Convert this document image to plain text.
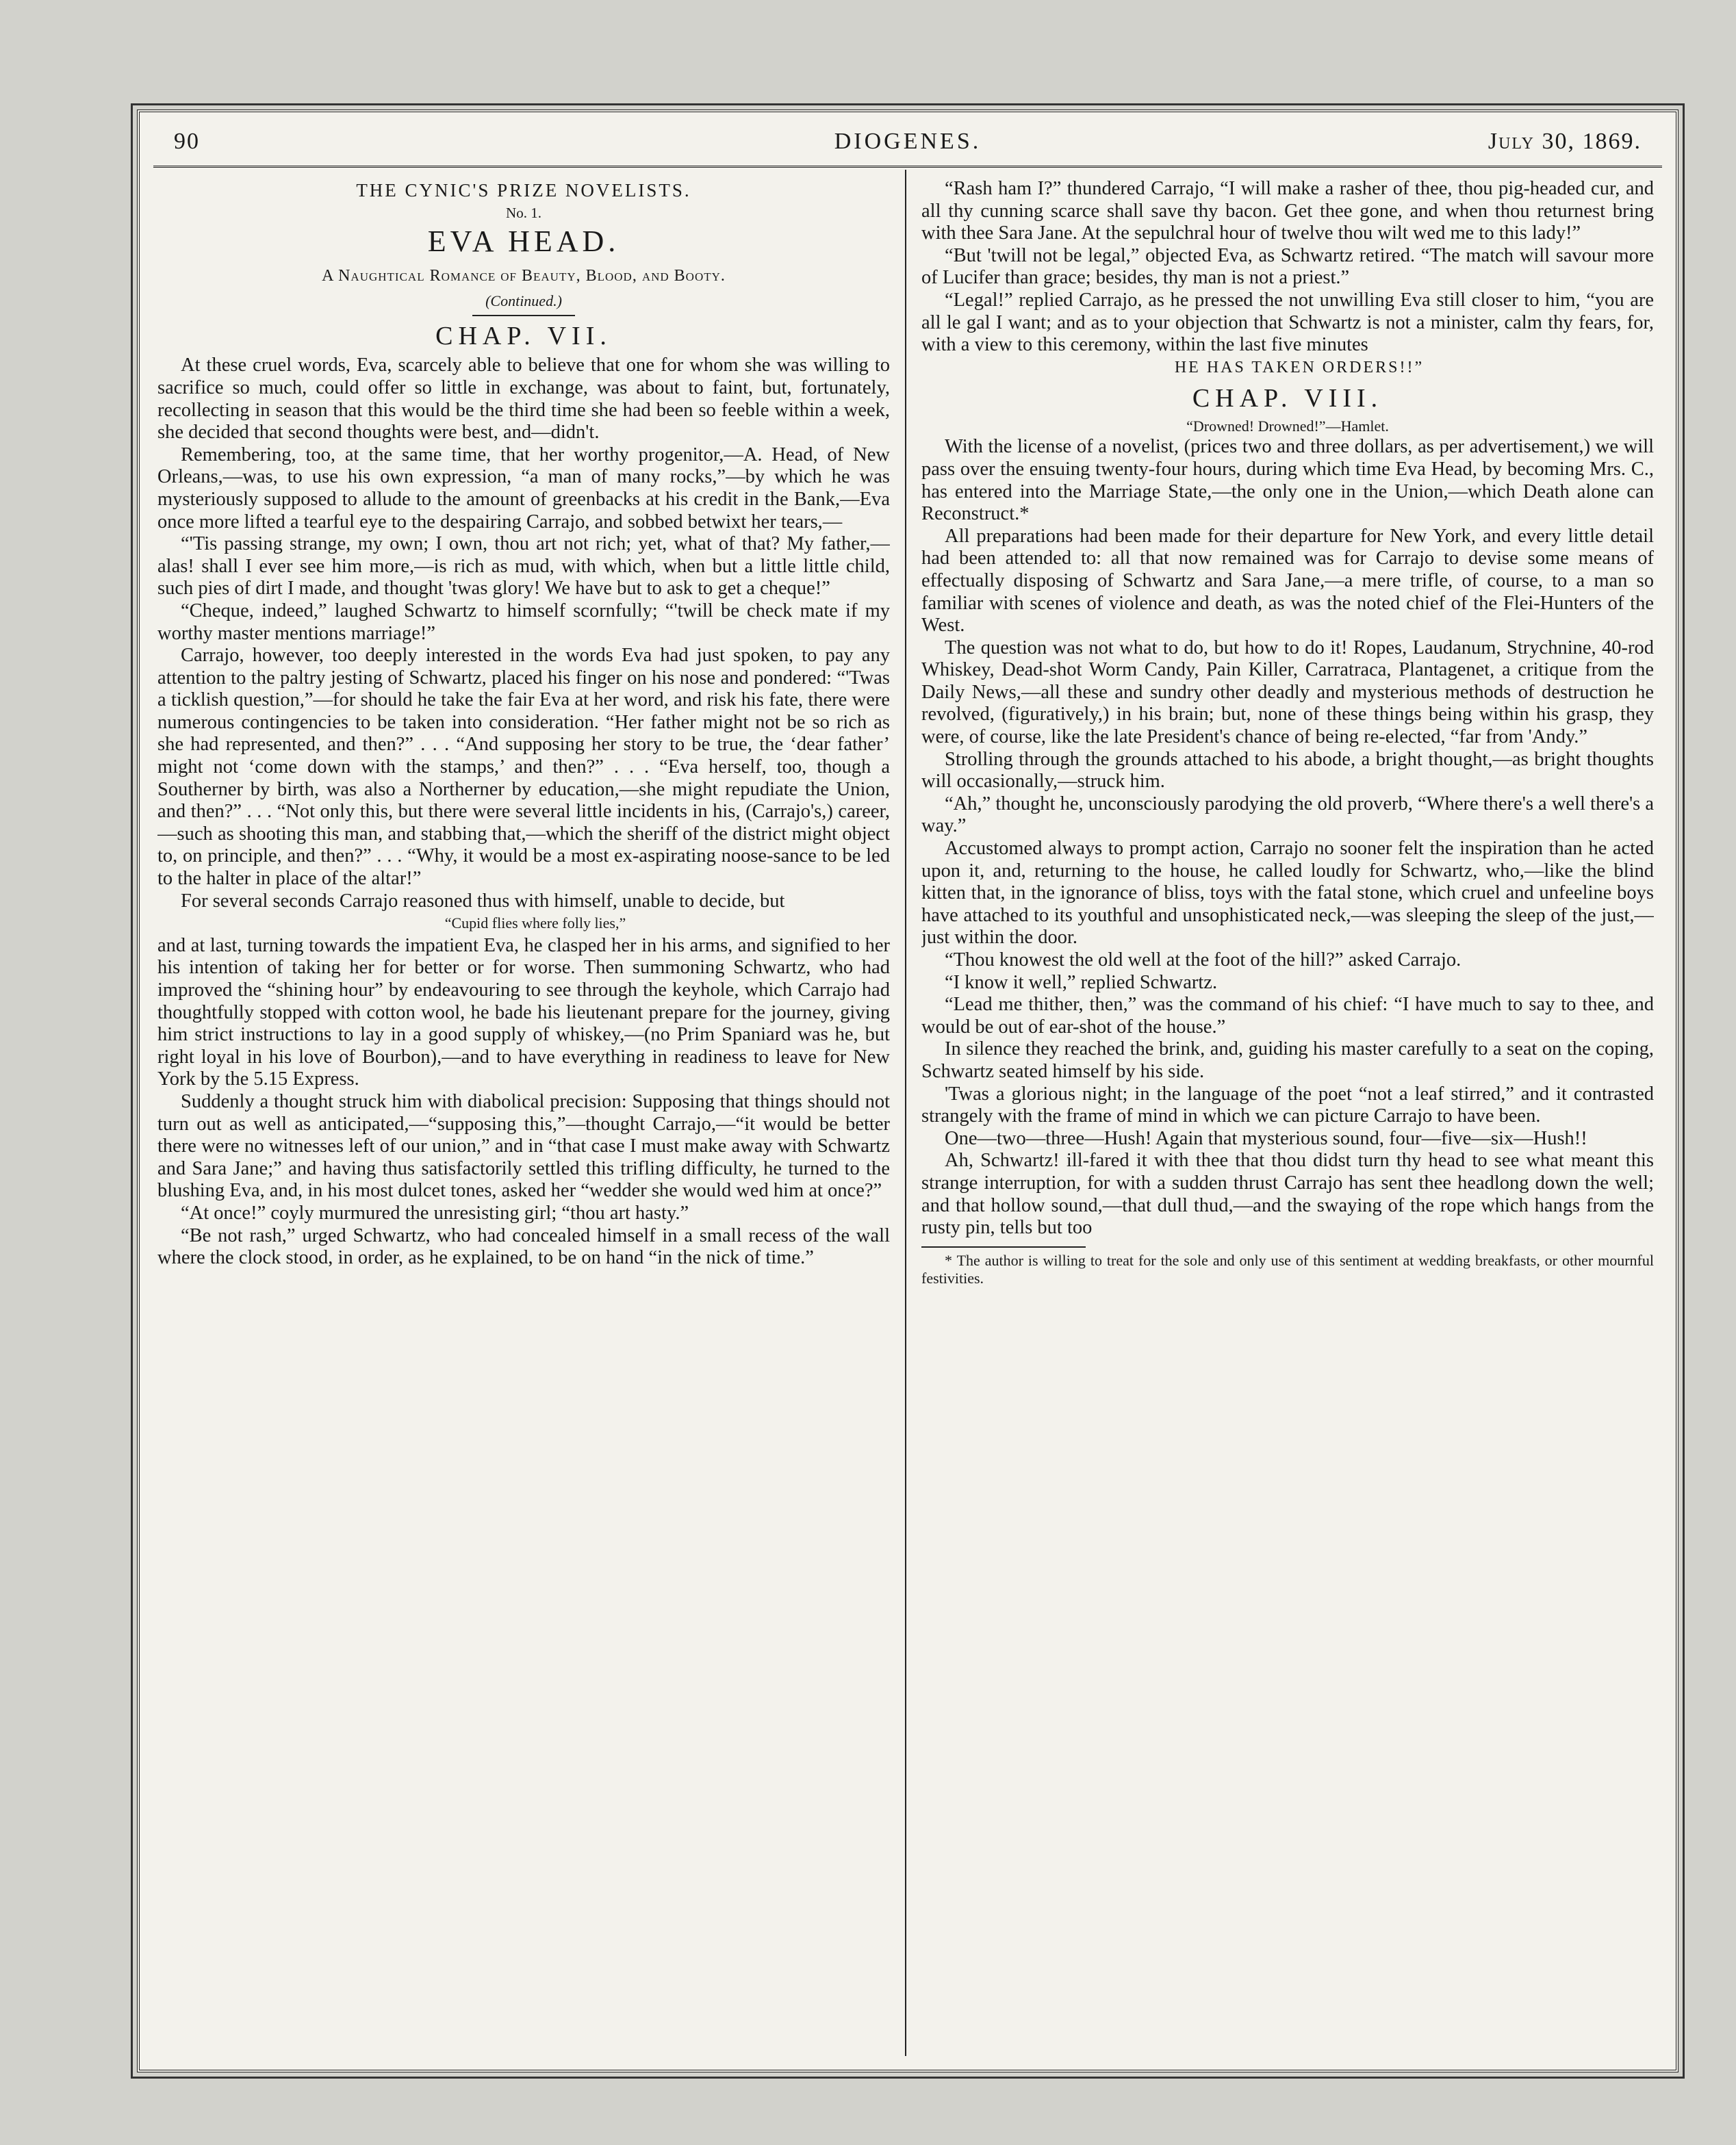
90	DIOGENES.	July 30, 1869.
THE CYNIC'S PRIZE NOVELISTS.
No. 1.
EVA HEAD.
A Naughtical Romance of Beauty, Blood, and Booty.
(Continued.)
CHAP. VII.

At these cruel words, Eva, scarcely able to believe that one for whom she was willing to sacrifice so much, could offer so little in exchange, was about to faint, but, fortunately, recollecting in season that this would be the third time she had been so feeble within a week, she decided that second thoughts were best, and—didn't.

Remembering, too, at the same time, that her worthy progenitor,—A. Head, of New Orleans,—was, to use his own expression, “a man of many rocks,”—by which he was mysteriously supposed to allude to the amount of greenbacks at his credit in the Bank,—Eva once more lifted a tearful eye to the despairing Carrajo, and sobbed betwixt her tears,—

“'Tis passing strange, my own; I own, thou art not rich; yet, what of that? My father,—alas! shall I ever see him more,—is rich as mud, with which, when but a little little child, such pies of dirt I made, and thought 'twas glory! We have but to ask to get a cheque!”

“Cheque, indeed,” laughed Schwartz to himself scornfully; “'twill be check mate if my worthy master mentions marriage!”

Carrajo, however, too deeply interested in the words Eva had just spoken, to pay any attention to the paltry jesting of Schwartz, placed his finger on his nose and pondered: “'Twas a ticklish question,”—for should he take the fair Eva at her word, and risk his fate, there were numerous contingencies to be taken into consideration. “Her father might not be so rich as she had represented, and then?” . . . “And supposing her story to be true, the ‘dear father’ might not ‘come down with the stamps,’ and then?” . . . “Eva herself, too, though a Southerner by birth, was also a Northerner by education,—she might repudiate the Union, and then?” . . . “Not only this, but there were several little incidents in his, (Carrajo's,) career, —such as shooting this man, and stabbing that,—which the sheriff of the district might object to, on principle, and then?” . . . “Why, it would be a most ex-aspirating noose-sance to be led to the halter in place of the altar!”

For several seconds Carrajo reasoned thus with himself, unable to decide, but

“Cupid flies where folly lies,”

and at last, turning towards the impatient Eva, he clasped her in his arms, and signified to her his intention of taking her for better or for worse. Then summoning Schwartz, who had improved the “shining hour” by endeavouring to see through the keyhole, which Carrajo had thoughtfully stopped with cotton wool, he bade his lieutenant prepare for the journey, giving him strict instructions to lay in a good supply of whiskey,—(no Prim Spaniard was he, but right loyal in his love of Bourbon),—and to have everything in readiness to leave for New York by the 5.15 Express.

Suddenly a thought struck him with diabolical precision: Supposing that things should not turn out as well as anticipated,—“supposing this,”—thought Carrajo,—“it would be better there were no witnesses left of our union,” and in “that case I must make away with Schwartz and Sara Jane;” and having thus satisfactorily settled this trifling difficulty, he turned to the blushing Eva, and, in his most dulcet tones, asked her “wedder she would wed him at once?”

“At once!” coyly murmured the unresisting girl; “thou art hasty.”

“Be not rash,” urged Schwartz, who had concealed himself in a small recess of the wall where the clock stood, in order, as he explained, to be on hand “in the nick of time.”

“Rash ham I?” thundered Carrajo, “I will make a rasher of thee, thou pig-headed cur, and all thy cunning scarce shall save thy bacon. Get thee gone, and when thou returnest bring with thee Sara Jane. At the sepulchral hour of twelve thou wilt wed me to this lady!”

“But 'twill not be legal,” objected Eva, as Schwartz retired. “The match will savour more of Lucifer than grace; besides, thy man is not a priest.”

“Legal!” replied Carrajo, as he pressed the not unwilling Eva still closer to him, “you are all le gal I want; and as to your objection that Schwartz is not a minister, calm thy fears, for, with a view to this ceremony, within the last five minutes

HE HAS TAKEN ORDERS!!”

CHAP. VIII.
“Drowned! Drowned!”—Hamlet.

With the license of a novelist, (prices two and three dollars, as per advertisement,) we will pass over the ensuing twenty-four hours, during which time Eva Head, by becoming Mrs. C., has entered into the Marriage State,—the only one in the Union,—which Death alone can Reconstruct.*

All preparations had been made for their departure for New York, and every little detail had been attended to: all that now remained was for Carrajo to devise some means of effectually disposing of Schwartz and Sara Jane,—a mere trifle, of course, to a man so familiar with scenes of violence and death, as was the noted chief of the Flei-Hunters of the West.

The question was not what to do, but how to do it! Ropes, Laudanum, Strychnine, 40-rod Whiskey, Dead-shot Worm Candy, Pain Killer, Carratraca, Plantagenet, a critique from the Daily News,—all these and sundry other deadly and mysterious methods of destruction he revolved, (figuratively,) in his brain; but, none of these things being within his grasp, they were, of course, like the late President's chance of being re-elected, “far from 'Andy.”

Strolling through the grounds attached to his abode, a bright thought,—as bright thoughts will occasionally,—struck him.

“Ah,” thought he, unconsciously parodying the old proverb, “Where there's a well there's a way.”

Accustomed always to prompt action, Carrajo no sooner felt the inspiration than he acted upon it, and, returning to the house, he called loudly for Schwartz, who,—like the blind kitten that, in the ignorance of bliss, toys with the fatal stone, which cruel and unfeeline boys have attached to its youthful and unsophisticated neck,—was sleeping the sleep of the just,—just within the door.

“Thou knowest the old well at the foot of the hill?” asked Carrajo.

“I know it well,” replied Schwartz.

“Lead me thither, then,” was the command of his chief: “I have much to say to thee, and would be out of ear-shot of the house.”

In silence they reached the brink, and, guiding his master carefully to a seat on the coping, Schwartz seated himself by his side.

'Twas a glorious night; in the language of the poet “not a leaf stirred,” and it contrasted strangely with the frame of mind in which we can picture Carrajo to have been.

One—two—three—Hush! Again that mysterious sound, four—five—six—Hush!!

Ah, Schwartz! ill-fared it with thee that thou didst turn thy head to see what meant this strange interruption, for with a sudden thrust Carrajo has sent thee headlong down the well; and that hollow sound,—that dull thud,—and the swaying of the rope which hangs from the rusty pin, tells but too

* The author is willing to treat for the sole and only use of this sentiment at wedding breakfasts, or other mournful festivities.
